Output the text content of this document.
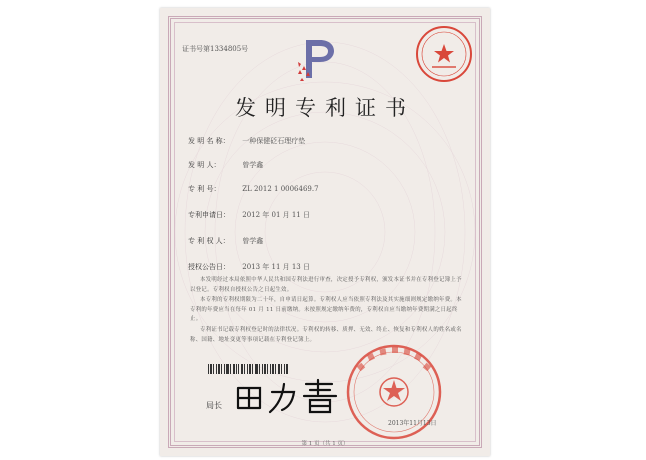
证书号第1334805号
发明专利证书
发 明 名 称： 一种保健砭石理疗垫
发 明 人：	曾学鑫
专 利 号：	ZL 2012 1 0006469.7
专利申请日： 2012 年 01 月 11 日
专 利 权 人： 曾学鑫
授权公告日： 2013 年 11 月 13 日
本发明经过本局依照中华人民共和国专利法进行审查，决定授予专利权，颁发本证书并在专利登记簿上予以登记。专利权自授权公告之日起生效。
本专利的专利权期限为二十年，自申请日起算。专利权人应当依照专利法及其实施细则规定缴纳年费。本专利的年费应当在每年 01 月 11 日前缴纳。未按照规定缴纳年费的，专利权自应当缴纳年费期满之日起终止。
专利证书记载专利权登记时的法律状况。专利权的转移、质押、无效、终止、恢复和专利权人的姓名或名称、国籍、地址变更等事项记载在专利登记簿上。
局长
2013年11月13日
第 1 页（共 1 页）
